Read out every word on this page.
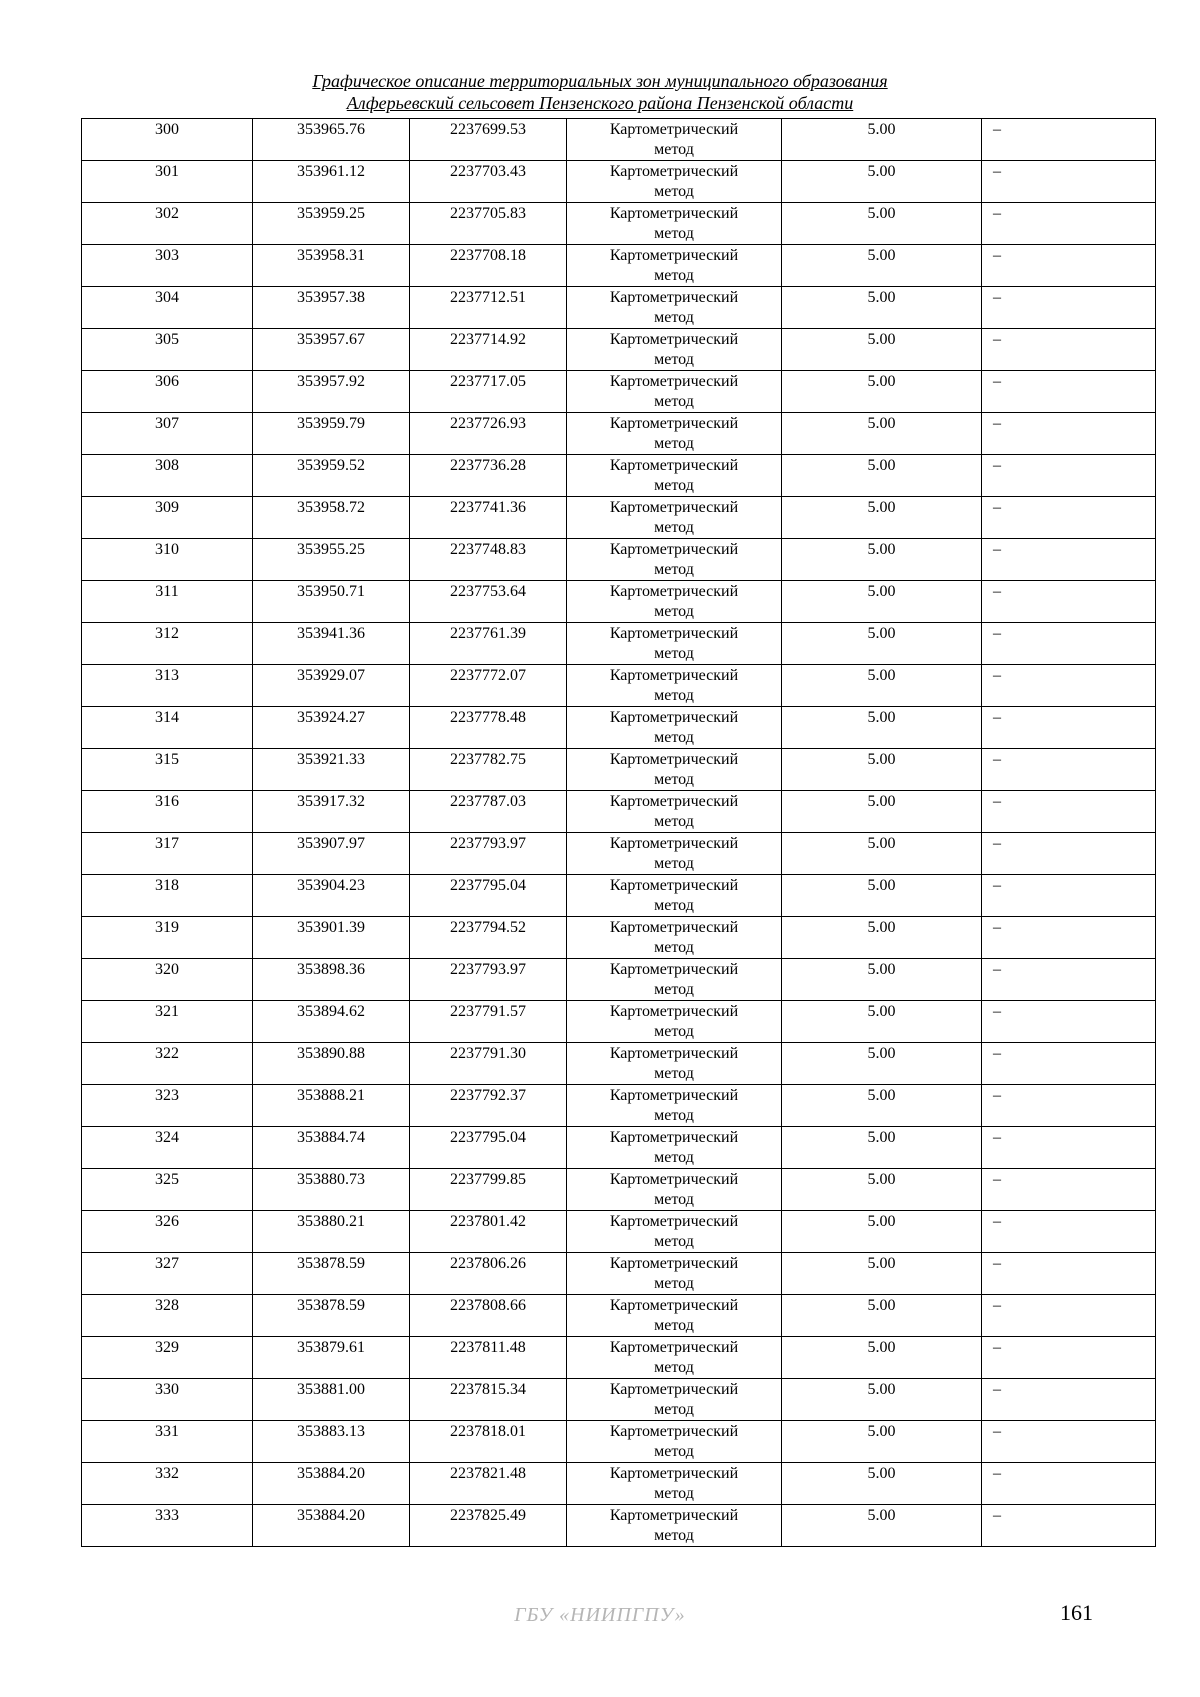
Графическое описание территориальных зон муниципального образования
Алферьевский сельсовет Пензенского района Пензенской области
300	353965.76	2237699.53	Картометрический
метод	5.00	–
301	353961.12	2237703.43	Картометрический
метод	5.00	–
302	353959.25	2237705.83	Картометрический
метод	5.00	–
303	353958.31	2237708.18	Картометрический
метод	5.00	–
304	353957.38	2237712.51	Картометрический
метод	5.00	–
305	353957.67	2237714.92	Картометрический
метод	5.00	–
306	353957.92	2237717.05	Картометрический
метод	5.00	–
307	353959.79	2237726.93	Картометрический
метод	5.00	–
308	353959.52	2237736.28	Картометрический
метод	5.00	–
309	353958.72	2237741.36	Картометрический
метод	5.00	–
310	353955.25	2237748.83	Картометрический
метод	5.00	–
311	353950.71	2237753.64	Картометрический
метод	5.00	–
312	353941.36	2237761.39	Картометрический
метод	5.00	–
313	353929.07	2237772.07	Картометрический
метод	5.00	–
314	353924.27	2237778.48	Картометрический
метод	5.00	–
315	353921.33	2237782.75	Картометрический
метод	5.00	–
316	353917.32	2237787.03	Картометрический
метод	5.00	–
317	353907.97	2237793.97	Картометрический
метод	5.00	–
318	353904.23	2237795.04	Картометрический
метод	5.00	–
319	353901.39	2237794.52	Картометрический
метод	5.00	–
320	353898.36	2237793.97	Картометрический
метод	5.00	–
321	353894.62	2237791.57	Картометрический
метод	5.00	–
322	353890.88	2237791.30	Картометрический
метод	5.00	–
323	353888.21	2237792.37	Картометрический
метод	5.00	–
324	353884.74	2237795.04	Картометрический
метод	5.00	–
325	353880.73	2237799.85	Картометрический
метод	5.00	–
326	353880.21	2237801.42	Картометрический
метод	5.00	–
327	353878.59	2237806.26	Картометрический
метод	5.00	–
328	353878.59	2237808.66	Картометрический
метод	5.00	–
329	353879.61	2237811.48	Картометрический
метод	5.00	–
330	353881.00	2237815.34	Картометрический
метод	5.00	–
331	353883.13	2237818.01	Картометрический
метод	5.00	–
332	353884.20	2237821.48	Картометрический
метод	5.00	–
333	353884.20	2237825.49	Картометрический
метод	5.00	–
ГБУ «НИИПГПУ»	161
